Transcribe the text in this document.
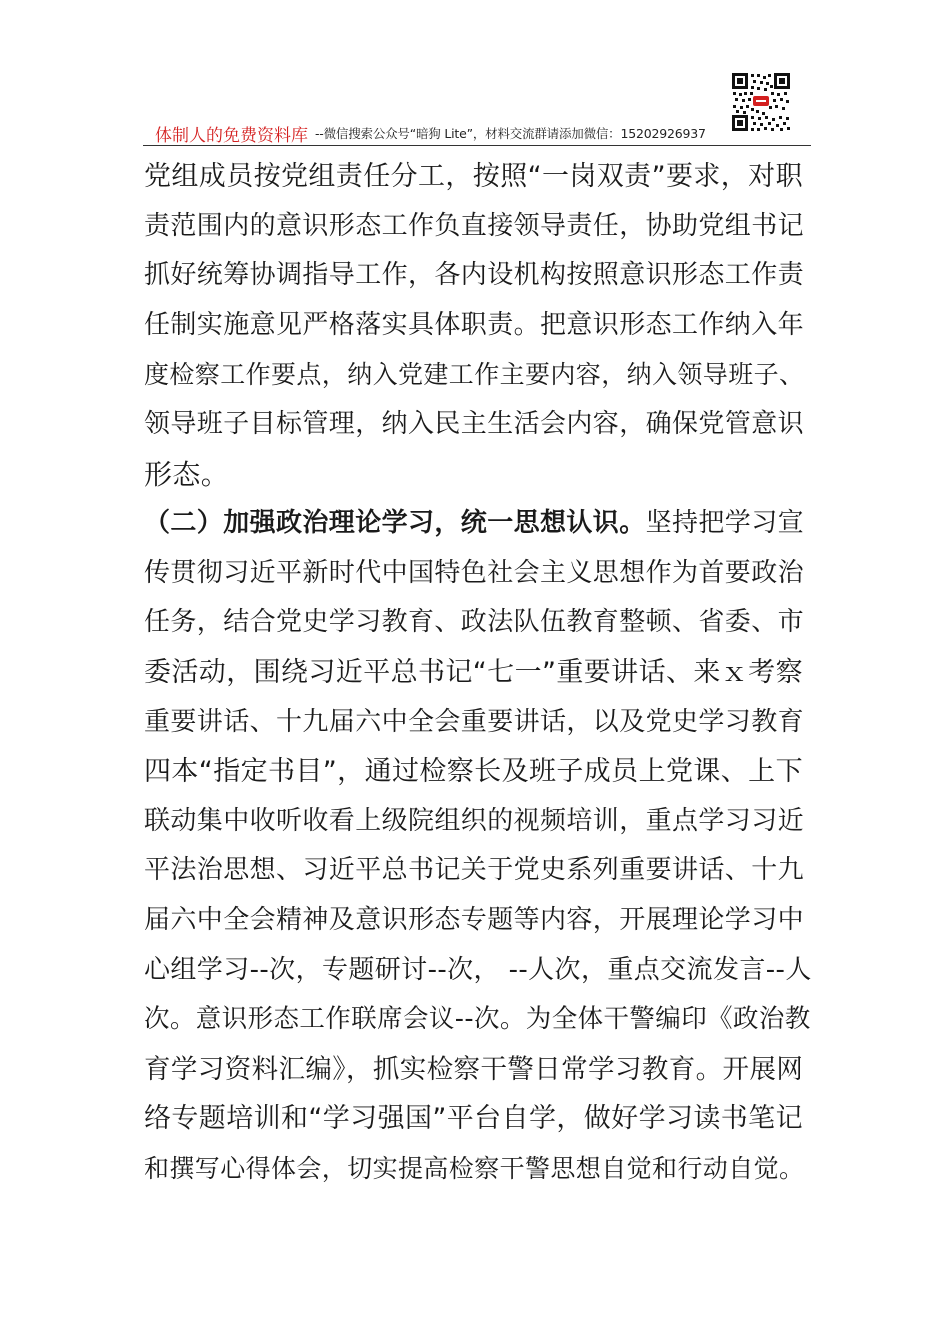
体制人的免费资料库 --微信搜索公众号“暗狗 Lite”，材料交流群请添加微信：15202926937
党组成员按党组责任分工，按照“一岗双责”要求，对职
责范围内的意识形态工作负直接领导责任，协助党组书记
抓好统筹协调指导工作，各内设机构按照意识形态工作责
任制实施意见严格落实具体职责。把意识形态工作纳入年
度检察工作要点，纳入党建工作主要内容，纳入领导班子、
领导班子目标管理，纳入民主生活会内容，确保党管意识
形态。
（二）加强政治理论学习，统一思想认识。坚持把学习宣
传贯彻习近平新时代中国特色社会主义思想作为首要政治
任务，结合党史学习教育、政法队伍教育整顿、省委、市
委活动，围绕习近平总书记“七一”重要讲话、来ｘ考察
重要讲话、十九届六中全会重要讲话，以及党史学习教育
四本“指定书目”，通过检察长及班子成员上党课、上下
联动集中收听收看上级院组织的视频培训，重点学习习近
平法治思想、习近平总书记关于党史系列重要讲话、十九
届六中全会精神及意识形态专题等内容，开展理论学习中
心组学习--次，专题研讨--次， --人次，重点交流发言--人
次。意识形态工作联席会议--次。为全体干警编印《政治教
育学习资料汇编》，抓实检察干警日常学习教育。开展网
络专题培训和“学习强国”平台自学，做好学习读书笔记
和撰写心得体会，切实提高检察干警思想自觉和行动自觉。
